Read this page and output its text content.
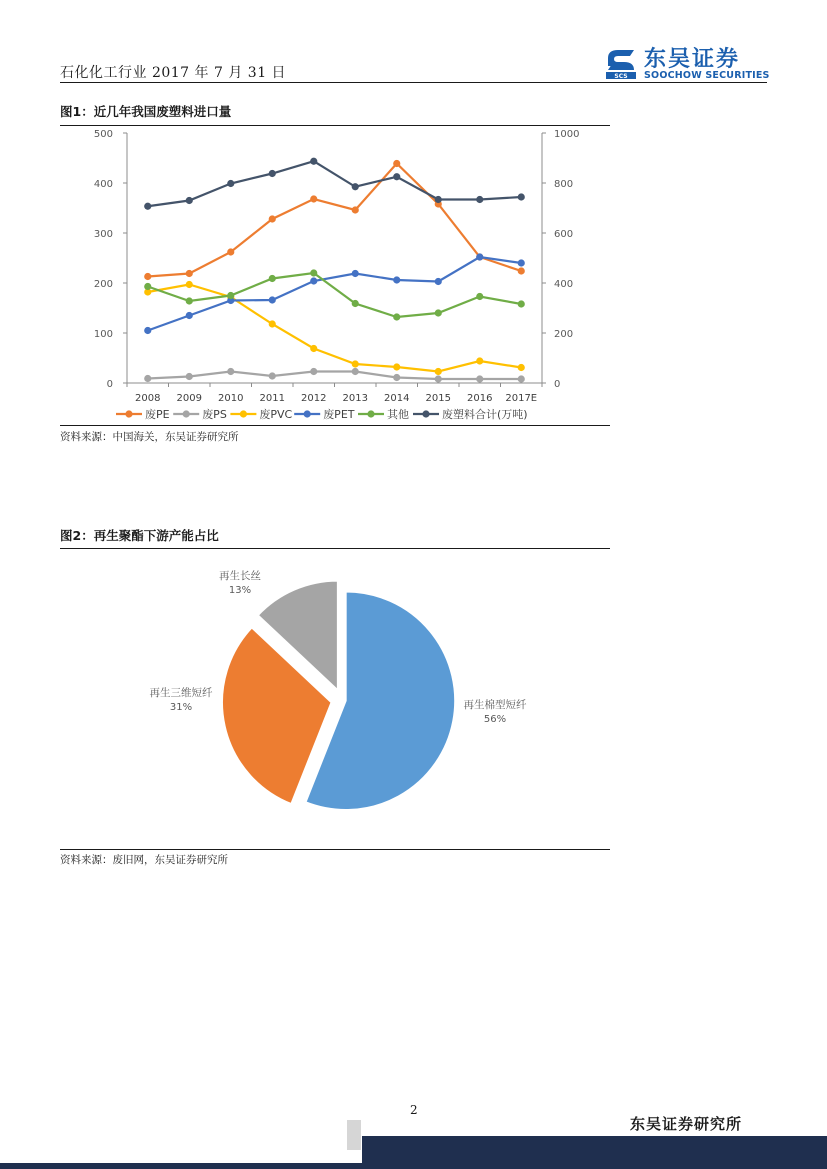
石化化工行业 2017 年 7 月 31 日	SCS
东吴证券
SOOCHOW SECURITIES
图1：近几年我国废塑料进口量
0
100
200
300
400
500
0
200
400
600
800
1000
2008 2009 2010 2011 2012 2013 2014 2015 2016 2017E
废PE	废PS	废PVC	废PET	其他	废塑料合计(万吨)
资料来源：中国海关，东吴证券研究所
图2：再生聚酯下游产能占比
再生棉型短纤
56%
再生三维短纤
31%
再生长丝
13%
资料来源：废旧网，东吴证券研究所
2
东吴证券研究所
